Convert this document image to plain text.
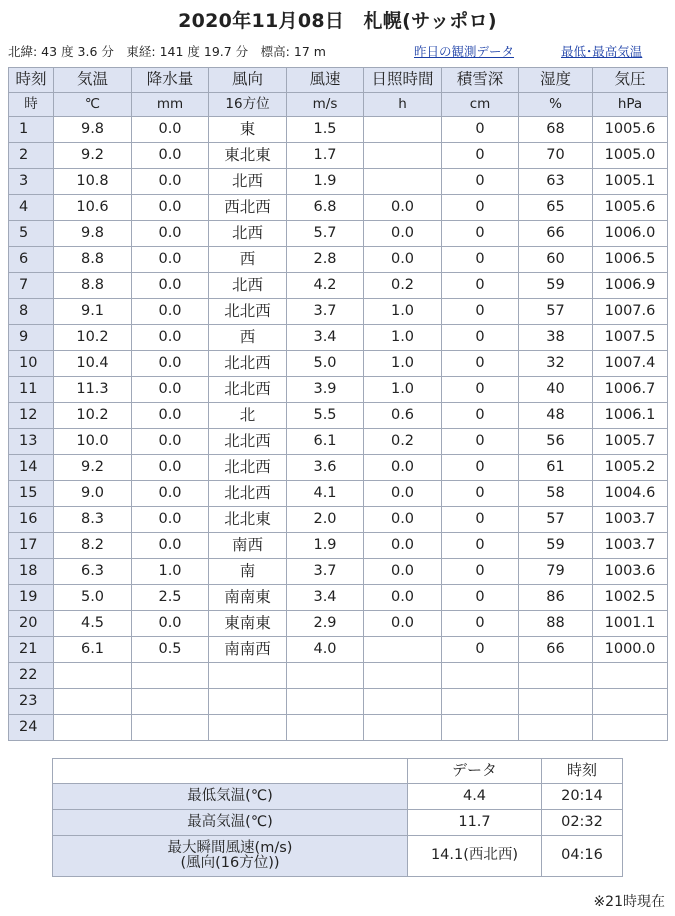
2020年11月08日　札幌(サッポロ)
北緯: 43 度 3.6 分　東経: 141 度 19.7 分　標高: 17 m	昨日の観測データ	最低･最高気温
時刻	気温	降水量	風向	風速	日照時間	積雪深	湿度	気圧
時	℃	mm	16方位	m/s	h	cm	%	hPa
1	9.8	0.0	東	1.5		0	68	1005.6
2	9.2	0.0	東北東	1.7		0	70	1005.0
3	10.8	0.0	北西	1.9		0	63	1005.1
4	10.6	0.0	西北西	6.8	0.0	0	65	1005.6
5	9.8	0.0	北西	5.7	0.0	0	66	1006.0
6	8.8	0.0	西	2.8	0.0	0	60	1006.5
7	8.8	0.0	北西	4.2	0.2	0	59	1006.9
8	9.1	0.0	北北西	3.7	1.0	0	57	1007.6
9	10.2	0.0	西	3.4	1.0	0	38	1007.5
10	10.4	0.0	北北西	5.0	1.0	0	32	1007.4
11	11.3	0.0	北北西	3.9	1.0	0	40	1006.7
12	10.2	0.0	北	5.5	0.6	0	48	1006.1
13	10.0	0.0	北北西	6.1	0.2	0	56	1005.7
14	9.2	0.0	北北西	3.6	0.0	0	61	1005.2
15	9.0	0.0	北北西	4.1	0.0	0	58	1004.6
16	8.3	0.0	北北東	2.0	0.0	0	57	1003.7
17	8.2	0.0	南西	1.9	0.0	0	59	1003.7
18	6.3	1.0	南	3.7	0.0	0	79	1003.6
19	5.0	2.5	南南東	3.4	0.0	0	86	1002.5
20	4.5	0.0	東南東	2.9	0.0	0	88	1001.1
21	6.1	0.5	南南西	4.0		0	66	1000.0
22								
23								
24								
	データ	時刻
最低気温(℃)	4.4	20:14
最高気温(℃)	11.7	02:32

最大瞬間風速(m/s)
(風向(16方位))	14.1(西北西)	04:16
※21時現在
